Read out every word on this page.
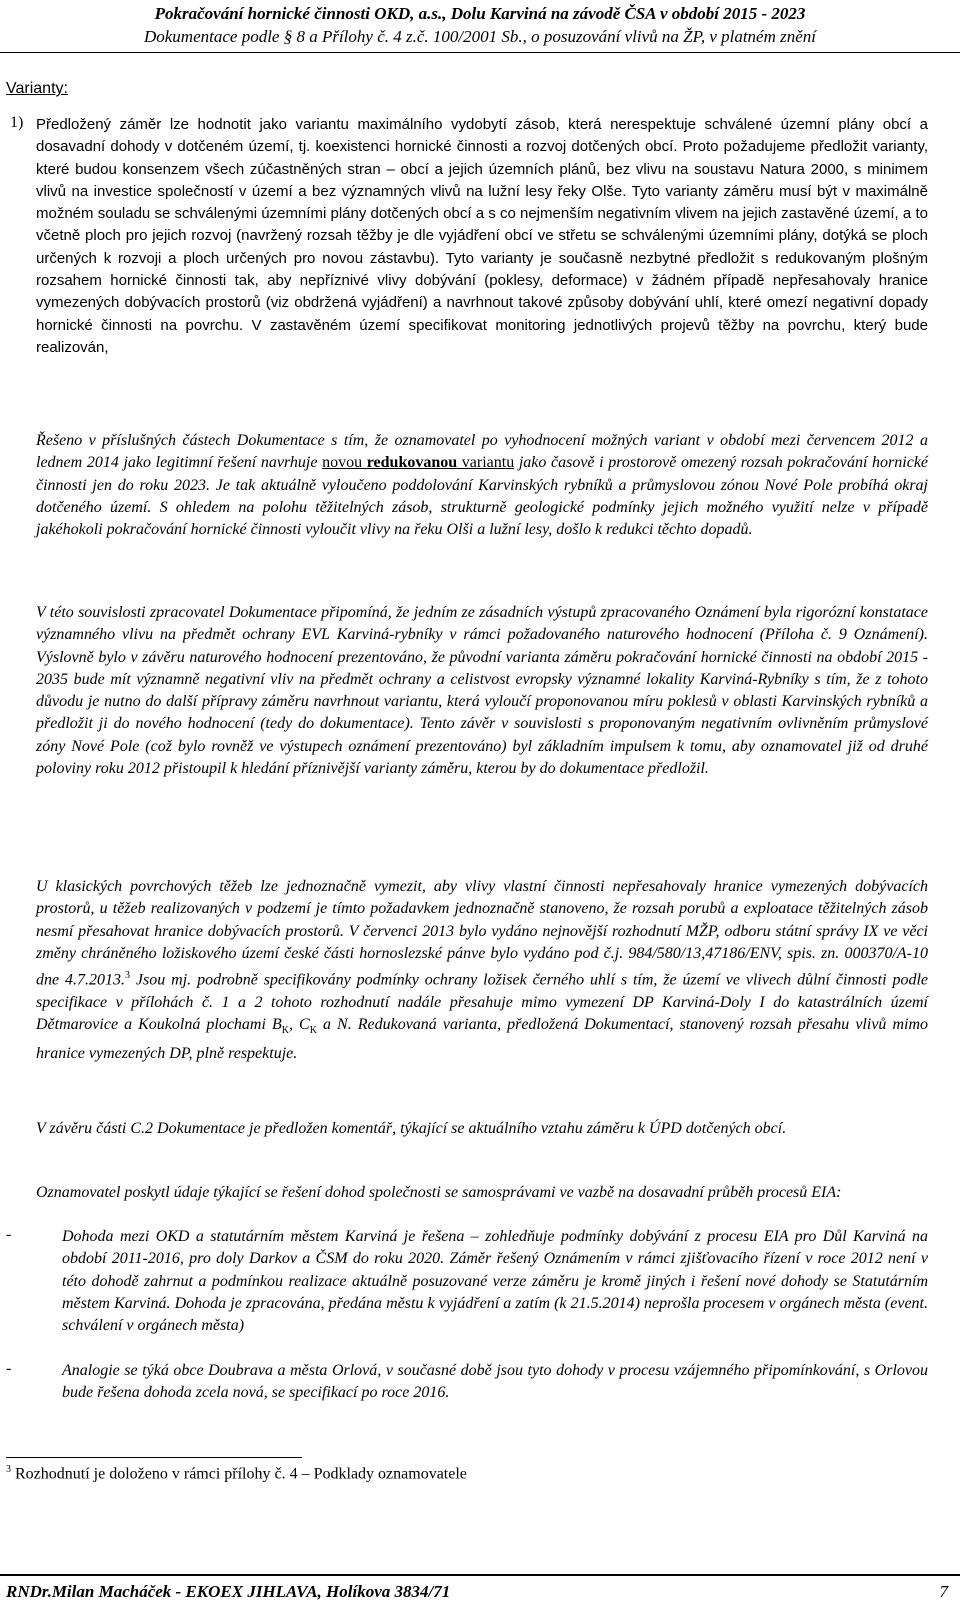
Pokračování hornické činnosti OKD, a.s., Dolu Karviná na závodě ČSA v období 2015 - 2023
Dokumentace podle § 8 a Přílohy č. 4 z.č. 100/2001 Sb., o posuzování vlivů na ŽP, v platném znění
Varianty:
1) Předložený záměr lze hodnotit jako variantu maximálního vydobytí zásob, která nerespektuje schválené územní plány obcí a dosavadní dohody v dotčeném území, tj. koexistenci hornické činnosti a rozvoj dotčených obcí. Proto požadujeme předložit varianty, které budou konsenzem všech zúčastněných stran – obcí a jejich územních plánů, bez vlivu na soustavu Natura 2000, s minimem vlivů na investice společností v území a bez významných vlivů na lužní lesy řeky Olše. Tyto varianty záměru musí být v maximálně možném souladu se schválenými územními plány dotčených obcí a s co nejmenším negativním vlivem na jejich zastavěné území, a to včetně ploch pro jejich rozvoj (navržený rozsah těžby je dle vyjádření obcí ve střetu se schválenými územními plány, dotýká se ploch určených k rozvoji a ploch určených pro novou zástavbu). Tyto varianty je současně nezbytné předložit s redukovaným plošným rozsahem hornické činnosti tak, aby nepříznivé vlivy dobývání (poklesy, deformace) v žádném případě nepřesahovaly hranice vymezených dobývacích prostorů (viz obdržená vyjádření) a navrhnout takové způsoby dobývání uhlí, které omezí negativní dopady hornické činnosti na povrchu. V zastavěném území specifikovat monitoring jednotlivých projevů těžby na povrchu, který bude realizován,
Řešeno v příslušných částech Dokumentace s tím, že oznamovatel po vyhodnocení možných variant v období mezi červencem 2012 a lednem 2014 jako legitimní řešení navrhuje novou redukovanou variantu jako časově i prostorově omezený rozsah pokračování hornické činnosti jen do roku 2023. Je tak aktuálně vyloučeno poddolování Karvinských rybníků a průmyslovou zónou Nové Pole probíhá okraj dotčeného území. S ohledem na polohu těžitelných zásob, strukturně geologické podmínky jejich možného využití nelze v případě jakéhokoli pokračování hornické činnosti vyloučit vlivy na řeku Olši a lužní lesy, došlo k redukci těchto dopadů.
V této souvislosti zpracovatel Dokumentace připomíná, že jedním ze zásadních výstupů zpracovaného Oznámení byla rigorózní konstatace významného vlivu na předmět ochrany EVL Karviná-rybníky v rámci požadovaného naturového hodnocení (Příloha č. 9 Oznámení). Výslovně bylo v závěru naturového hodnocení prezentováno, že původní varianta záměru pokračování hornické činnosti na období 2015 - 2035 bude mít významně negativní vliv na předmět ochrany a celistvost evropsky významné lokality Karviná-Rybníky s tím, že z tohoto důvodu je nutno do další přípravy záměru navrhnout variantu, která vyloučí proponovanou míru poklesů v oblasti Karvinských rybníků a předložit ji do nového hodnocení (tedy do dokumentace). Tento závěr v souvislosti s proponovaným negativním ovlivněním průmyslové zóny Nové Pole (což bylo rovněž ve výstupech oznámení prezentováno) byl základním impulsem k tomu, aby oznamovatel již od druhé poloviny roku 2012 přistoupil k hledání příznivější varianty záměru, kterou by do dokumentace předložil.
U klasických povrchových těžeb lze jednoznačně vymezit, aby vlivy vlastní činnosti nepřesahovaly hranice vymezených dobývacích prostorů, u těžeb realizovaných v podzemí je tímto požadavkem jednoznačně stanoveno, že rozsah porubů a exploatace těžitelných zásob nesmí přesahovat hranice dobývacích prostorů. V červenci 2013 bylo vydáno nejnovější rozhodnutí MŽP, odboru státní správy IX ve věci změny chráněného ložiskového území české části hornoslezské pánve bylo vydáno pod č.j. 984/580/13,47186/ENV, spis. zn. 000370/A-10 dne 4.7.2013.$^3$ Jsou mj. podrobně specifikovány podmínky ochrany ložisek černého uhlí s tím, že území ve vlivech důlní činnosti podle specifikace v přílohách č. 1 a 2 tohoto rozhodnutí nadále přesahuje mimo vymezení DP Karviná-Doly I do katastrálních území Dětmarovice a Koukolná plochami $B_K$, $C_K$ a N. Redukovaná varianta, předložená Dokumentací, stanovený rozsah přesahu vlivů mimo hranice vymezených DP, plně respektuje.
V závěru části C.2 Dokumentace je předložen komentář, týkající se aktuálního vztahu záměru k ÚPD dotčených obcí.
Oznamovatel poskytl údaje týkající se řešení dohod společnosti se samosprávami ve vazbě na dosavadní průběh procesů EIA:
-	Dohoda mezi OKD a statutárním městem Karviná je řešena – zohledňuje podmínky dobývání z procesu EIA pro Důl Karviná na období 2011-2016, pro doly Darkov a ČSM do roku 2020. Záměr řešený Oznámením v rámci zjišťovacího řízení v roce 2012 není v této dohodě zahrnut a podmínkou realizace aktuálně posuzované verze záměru je kromě jiných i řešení nové dohody se Statutárním městem Karviná. Dohoda je zpracována, předána městu k vyjádření a zatím (k 21.5.2014) neprošla procesem v orgánech města (event. schválení v orgánech města)
-	Analogie se týká obce Doubrava a města Orlová, v současné době jsou tyto dohody v procesu vzájemného připomínkování, s Orlovou bude řešena dohoda zcela nová, se specifikací po roce 2016.
$^3$ Rozhodnutí je doloženo v rámci přílohy č. 4 – Podklady oznamovatele
RNDr.Milan Macháček - EKOEX JIHLAVA, Holíkova 3834/71	7
